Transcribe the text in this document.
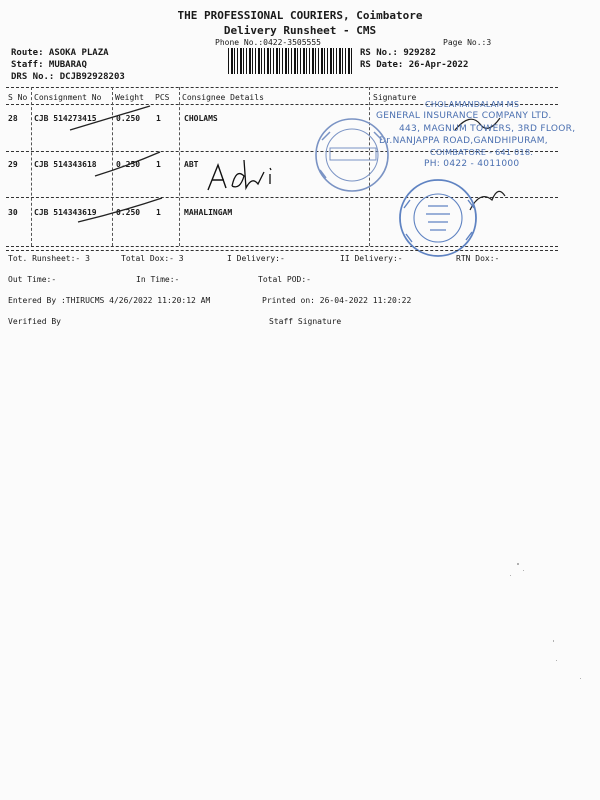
THE PROFESSIONAL COURIERS, Coimbatore
Delivery Runsheet - CMS
Phone No.:0422-3505555	Page No.:3
Route: ASOKA PLAZA
Staff: MUBARAQ
DRS No.: DCJB92928203
RS No.: 929282
RS Date: 26-Apr-2022
S No Consignment No Weight PCS Consignee Details	Signature
28 CJB 514273415 0.250 1	CHOLAMS
29 CJB 514343618 0.250 1	ABT
30 CJB 514343619 0.250 1	MAHALINGAM
CHOLAMANDALAM MS
GENERAL INSURANCE COMPANY LTD.
443, MAGNUM TOWERS, 3RD FLOOR,
Dr.NANJAPPA ROAD,GANDHIPURAM,
COIMBATORE - 641 018.
PH: 0422 - 4011000
Tot. Runsheet:- 3	Total Dox:- 3	I Delivery:-	II Delivery:-	RTN Dox:-
Out Time:-	In Time:-	Total POD:-
Entered By :THIRUCMS 4/26/2022 11:20:12 AM	Printed on: 26-04-2022 11:20:22
Verified By	Staff Signature
